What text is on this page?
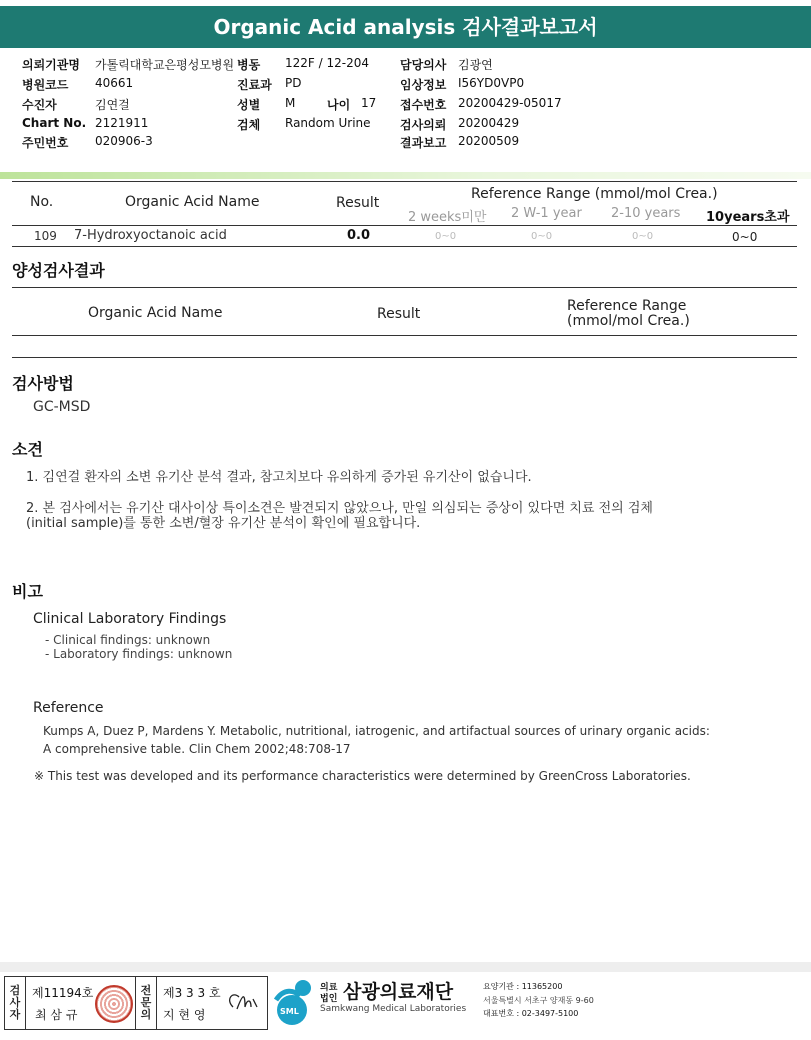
Organic Acid analysis 검사결과보고서
의뢰기관명 가톨릭대학교은평성모병원 병동 122F / 12-204	담당의사 김광연
병원코드 40661	진료과 PD	임상정보 I56YD0VP0
수진자	김연걸	성별 M	나이 17 접수번호 20200429-05017
Chart No. 2121911	검체 Random Urine 검사의뢰 20200429
주민번호 020906-3	결과보고 20200509
No.	Organic Acid Name	Result
Reference Range (mmol/mol Crea.)
2 weeks미만 2 W-1 year 2-10 years 10years초과
109 7-Hydroxyoctanoic acid	0.0	0~0	0~0	0~0	0~0
양성검사결과
Organic Acid Name	Result	Reference Range
(mmol/mol Crea.)
검사방법
GC-MSD
소견
1. 김연걸 환자의 소변 유기산 분석 결과, 참고치보다 유의하게 증가된 유기산이 없습니다.
2. 본 검사에서는 유기산 대사이상 특이소견은 발견되지 않았으나, 만일 의심되는 증상이 있다면 치료 전의 검체
(initial sample)를 통한 소변/혈장 유기산 분석이 확인에 필요합니다.
비고
Clinical Laboratory Findings
- Clinical findings: unknown
- Laboratory findings: unknown
Reference
Kumps A, Duez P, Mardens Y. Metabolic, nutritional, iatrogenic, and artifactual sources of urinary organic acids:
A comprehensive table. Clin Chem 2002;48:708-17
※ This test was developed and its performance characteristics were determined by GreenCross Laboratories.
검
사
자
제11194호
최 삼 규
전
문
의
제3 3 3 호
지 현 영	SML
의료
법인 삼광의료재단
Samkwang Medical Laboratories
요양기관 : 11365200
서울특별시 서초구 양재동 9-60
대표번호 : 02-3497-5100
